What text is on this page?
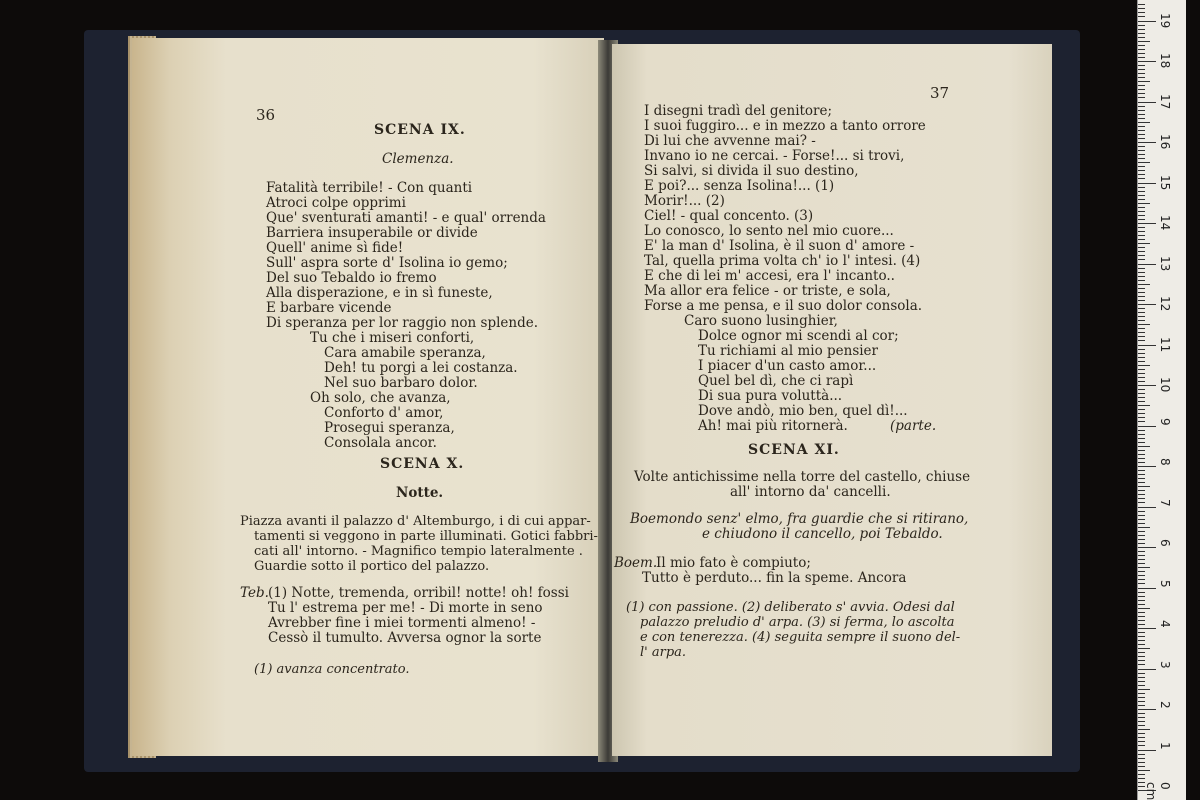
36
SCENA IX.
Clemenza.
Fatalità terribile! - Con quanti
Atroci colpe opprimi
Que' sventurati amanti! - e qual' orrenda
Barriera insuperabile or divide
Quell' anime sì fide!
Sull' aspra sorte d' Isolina io gemo;
Del suo Tebaldo io fremo
Alla disperazione, e in sì funeste,
E barbare vicende
Di speranza per lor raggio non splende.
Tu che i miseri conforti,
Cara amabile speranza,
Deh! tu porgi a lei costanza.
Nel suo barbaro dolor.
Oh solo, che avanza,
Conforto d' amor,
Prosegui speranza,
Consolala ancor.
SCENA X.
Notte.
Piazza avanti il palazzo d' Altemburgo, i di cui appar-
tamenti si veggono in parte illuminati. Gotici fabbri-
cati all' intorno. - Magnifico tempio lateralmente .
Guardie sotto il portico del palazzo.
Teb. (1) Notte, tremenda, orribil! notte! oh! fossi
Tu l' estrema per me! - Di morte in seno
Avrebber fine i miei tormenti almeno! -
Cessò il tumulto. Avversa ognor la sorte
(1) avanza concentrato.
37
I disegni tradì del genitore;
I suoi fuggiro... e in mezzo a tanto orrore
Di lui che avvenne mai? -
Invano io ne cercai. - Forse!... si trovi,
Si salvi, si divida il suo destino,
E poi?... senza Isolina!... (1)
Morir!... (2)
Ciel! - qual concento. (3)
Lo conosco, lo sento nel mio cuore...
E' la man d' Isolina, è il suon d' amore -
Tal, quella prima volta ch' io l' intesi. (4)
E che di lei m' accesi, era l' incanto..
Ma allor era felice - or triste, e sola,
Forse a me pensa, e il suo dolor consola.
Caro suono lusinghier,
Dolce ognor mi scendi al cor;
Tu richiami al mio pensier
I piacer d'un casto amor...
Quel bel dì, che ci rapì
Di sua pura voluttà...
Dove andò, mio ben, quel dì!...
Ah! mai più ritornerà.	(parte.
SCENA XI.
Volte antichissime nella torre del castello, chiuse
all' intorno da' cancelli.
Boemondo senz' elmo, fra guardie che si ritirano,
e chiudono il cancello, poi Tebaldo.
Boem.
Il mio fato è compiuto;
Tutto è perduto... fin la speme. Ancora
(1) con passione. (2) deliberato s' avvia. Odesi dal
palazzo preludio d' arpa. (3) si ferma, lo ascolta
e con tenerezza. (4) seguita sempre il suono del-
l' arpa.
0 cm
1
2
3
4
5
6
7
8
9
10
11
12
13
14
15
16
17
18
19
